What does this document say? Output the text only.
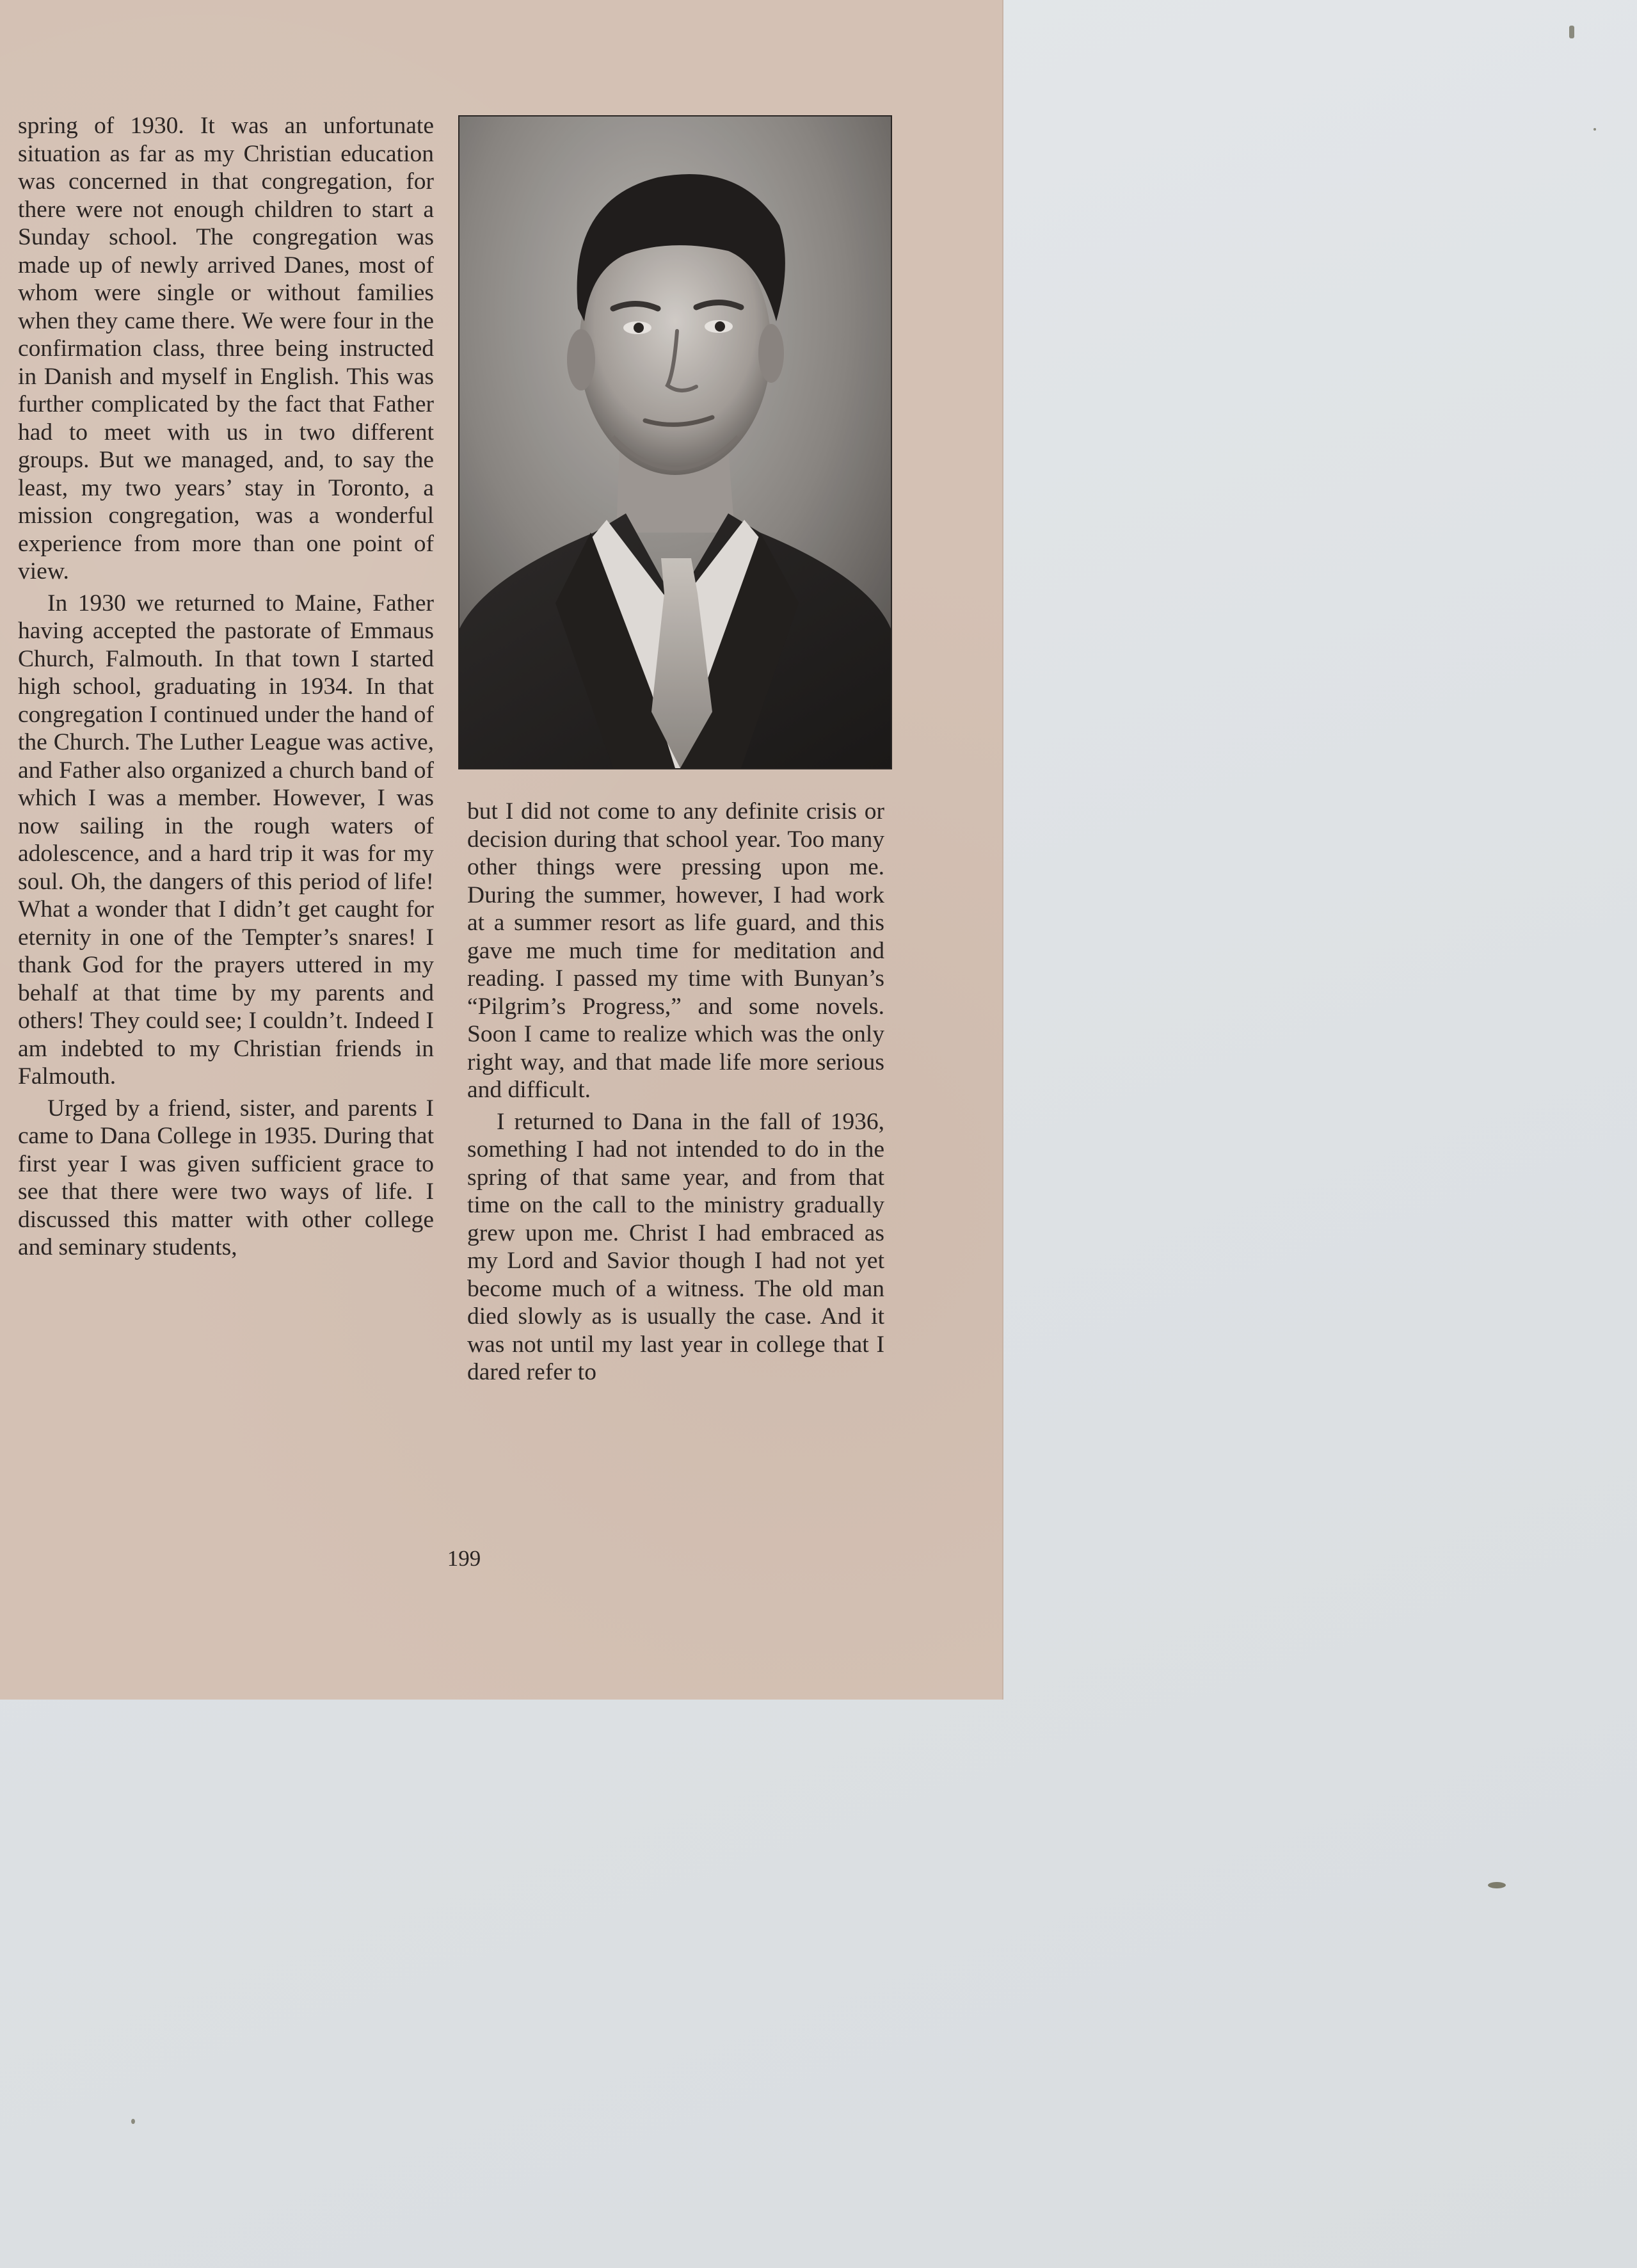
spring of 1930. It was an unfortunate situation as far as my Christian education was concerned in that congregation, for there were not enough children to start a Sunday school. The congregation was made up of newly arrived Danes, most of whom were single or without families when they came there. We were four in the confirmation class, three being instructed in Danish and myself in English. This was further complicated by the fact that Father had to meet with us in two different groups. But we managed, and, to say the least, my two years’ stay in Toronto, a mission congregation, was a wonderful experience from more than one point of view.

In 1930 we returned to Maine, Father having accepted the pastorate of Emmaus Church, Falmouth. In that town I started high school, graduating in 1934. In that congregation I continued under the hand of the Church. The Luther League was active, and Father also organized a church band of which I was a member. However, I was now sailing in the rough waters of adolescence, and a hard trip it was for my soul. Oh, the dangers of this period of life! What a wonder that I didn’t get caught for eternity in one of the Tempter’s snares! I thank God for the prayers uttered in my behalf at that time by my parents and others! They could see; I couldn’t. Indeed I am indebted to my Christian friends in Falmouth.

Urged by a friend, sister, and parents I came to Dana College in 1935. During that first year I was given sufficient grace to see that there were two ways of life. I discussed this matter with other college and seminary students,

but I did not come to any definite crisis or decision during that school year. Too many other things were pressing upon me. During the summer, however, I had work at a summer resort as life guard, and this gave me much time for meditation and reading. I passed my time with Bunyan’s “Pilgrim’s Progress,” and some novels. Soon I came to realize which was the only right way, and that made life more serious and difficult.

I returned to Dana in the fall of 1936, something I had not intended to do in the spring of that same year, and from that time on the call to the ministry gradually grew upon me. Christ I had embraced as my Lord and Savior though I had not yet become much of a witness. The old man died slowly as is usually the case. And it was not until my last year in college that I dared refer to

199
